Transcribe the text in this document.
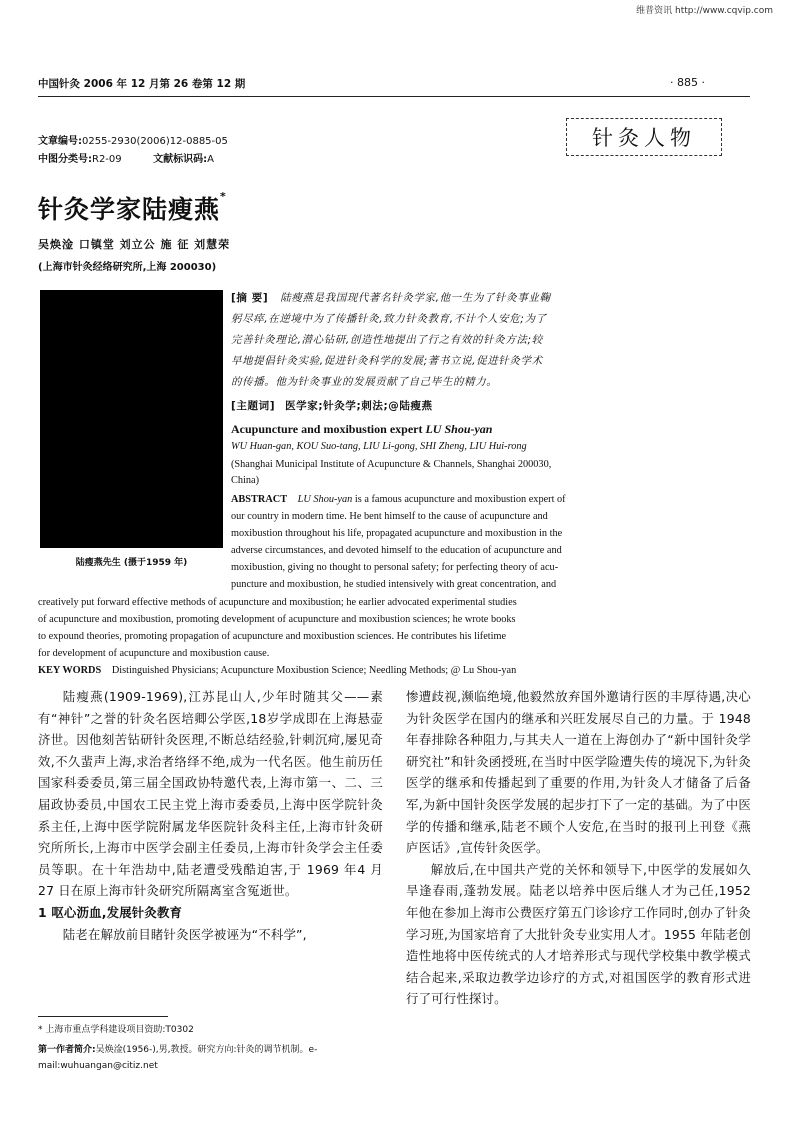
维普资讯 http://www.cqvip.com
中国针灸 2006 年 12 月第 26 卷第 12 期	· 885 ·
文章编号:0255-2930(2006)12-0885-05
中图分类号:R2-09	文献标识码:A
针灸人物
针灸学家陆瘦燕*
吴焕淦 口镇堂 刘立公 施 征 刘慧荣
(上海市针灸经络研究所,上海 200030)
陆瘦燕先生 (摄于1959 年)
[摘 要] 陆瘦燕是我国现代著名针灸学家,他一生为了针灸事业鞠
躬尽瘁,在逆境中为了传播针灸,致力针灸教育,不计个人安危;为了
完善针灸理论,潜心钻研,创造性地提出了行之有效的针灸方法;较
早地提倡针灸实验,促进针灸科学的发展;著书立说,促进针灸学术
的传播。他为针灸事业的发展贡献了自己毕生的精力。
[主题词] 医学家;针灸学;刺法;@陆瘦燕
Acupuncture and moxibustion expert LU Shou-yan
WU Huan-gan, KOU Suo-tang, LIU Li-gong, SHI Zheng, LIU Hui-rong
(Shanghai Municipal Institute of Acupuncture & Channels, Shanghai 200030,
China)
ABSTRACT LU Shou-yan is a famous acupuncture and moxibustion expert of
our country in modern time. He bent himself to the cause of acupuncture and
moxibustion throughout his life, propagated acupuncture and moxibustion in the
adverse circumstances, and devoted himself to the education of acupuncture and
moxibustion, giving no thought to personal safety; for perfecting theory of acu-
puncture and moxibustion, he studied intensively with great concentration, and
creatively put forward effective methods of acupuncture and moxibustion; he earlier advocated experimental studies
of acupuncture and moxibustion, promoting development of acupuncture and moxibustion sciences; he wrote books
to expound theories, promoting propagation of acupuncture and moxibustion sciences. He contributes his lifetime
for development of acupuncture and moxibustion cause.
KEY WORDS Distinguished Physicians; Acupuncture Moxibustion Science; Needling Methods; @ Lu Shou-yan

陆瘦燕(1909-1969),江苏昆山人,少年时随其父——素有“神针”之誉的针灸名医培卿公学医,18岁学成即在上海悬壶济世。因他刻苦钻研针灸医理,不断总结经验,针刺沉疴,屡见奇效,不久蜚声上海,求治者络绎不绝,成为一代名医。他生前历任国家科委委员,第三届全国政协特邀代表,上海市第一、二、三届政协委员,中国农工民主党上海市委委员,上海中医学院针灸系主任,上海中医学院附属龙华医院针灸科主任,上海市针灸研究所所长,上海市中医学会副主任委员,上海市针灸学会主任委员等职。在十年浩劫中,陆老遭受残酷迫害,于 1969 年4 月 27 日在原上海市针灸研究所隔离室含冤逝世。

1 呕心沥血,发展针灸教育

陆老在解放前目睹针灸医学被诬为“不科学”,

惨遭歧视,濒临绝境,他毅然放弃国外邀请行医的丰厚待遇,决心为针灸医学在国内的继承和兴旺发展尽自己的力量。于 1948 年春排除各种阻力,与其夫人一道在上海创办了“新中国针灸学研究社”和针灸函授班,在当时中医学险遭失传的境况下,为针灸医学的继承和传播起到了重要的作用,为针灸人才储备了后备军,为新中国针灸医学发展的起步打下了一定的基础。为了中医学的传播和继承,陆老不顾个人安危,在当时的报刊上刊登《燕庐医话》,宣传针灸医学。

解放后,在中国共产党的关怀和领导下,中医学的发展如久旱逢春雨,蓬勃发展。陆老以培养中医后继人才为己任,1952 年他在参加上海市公费医疗第五门诊诊疗工作同时,创办了针灸学习班,为国家培育了大批针灸专业实用人才。1955 年陆老创造性地将中医传统式的人才培养形式与现代学校集中教学模式结合起来,采取边教学边诊疗的方式,对祖国医学的教育形式进行了可行性探讨。

* 上海市重点学科建设项目资助:T0302
第一作者简介:吴焕淦(1956-),男,教授。研究方向:针灸的调节机制。e-mail:wuhuangan@citiz.net
